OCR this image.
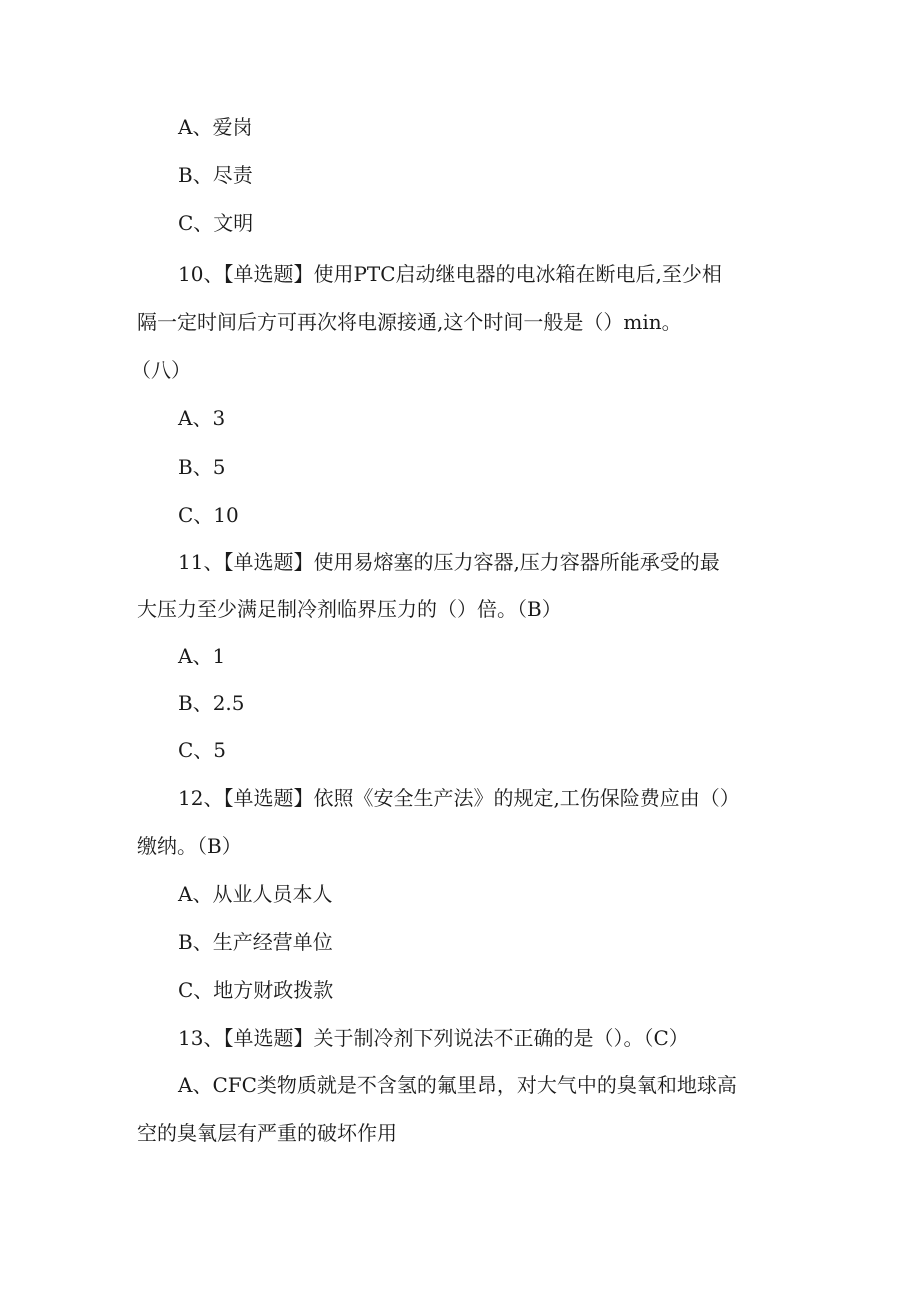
A、爱岗
B、尽责
C、文明
10、【单选题】使用PTC启动继电器的电冰箱在断电后,至少相
隔一定时间后方可再次将电源接通,这个时间一般是（）min。
（八）
A、3
B、5
C、10
11、【单选题】使用易熔塞的压力容器,压力容器所能承受的最
大压力至少满足制冷剂临界压力的（）倍。（B）
A、1
B、2.5
C、5
12、【单选题】依照《安全生产法》的规定,工伤保险费应由（）
缴纳。（B）
A、从业人员本人
B、生产经营单位
C、地方财政拨款
13、【单选题】关于制冷剂下列说法不正确的是（）。（C）
A、CFC类物质就是不含氢的氟里昂，对大气中的臭氧和地球高
空的臭氧层有严重的破坏作用
